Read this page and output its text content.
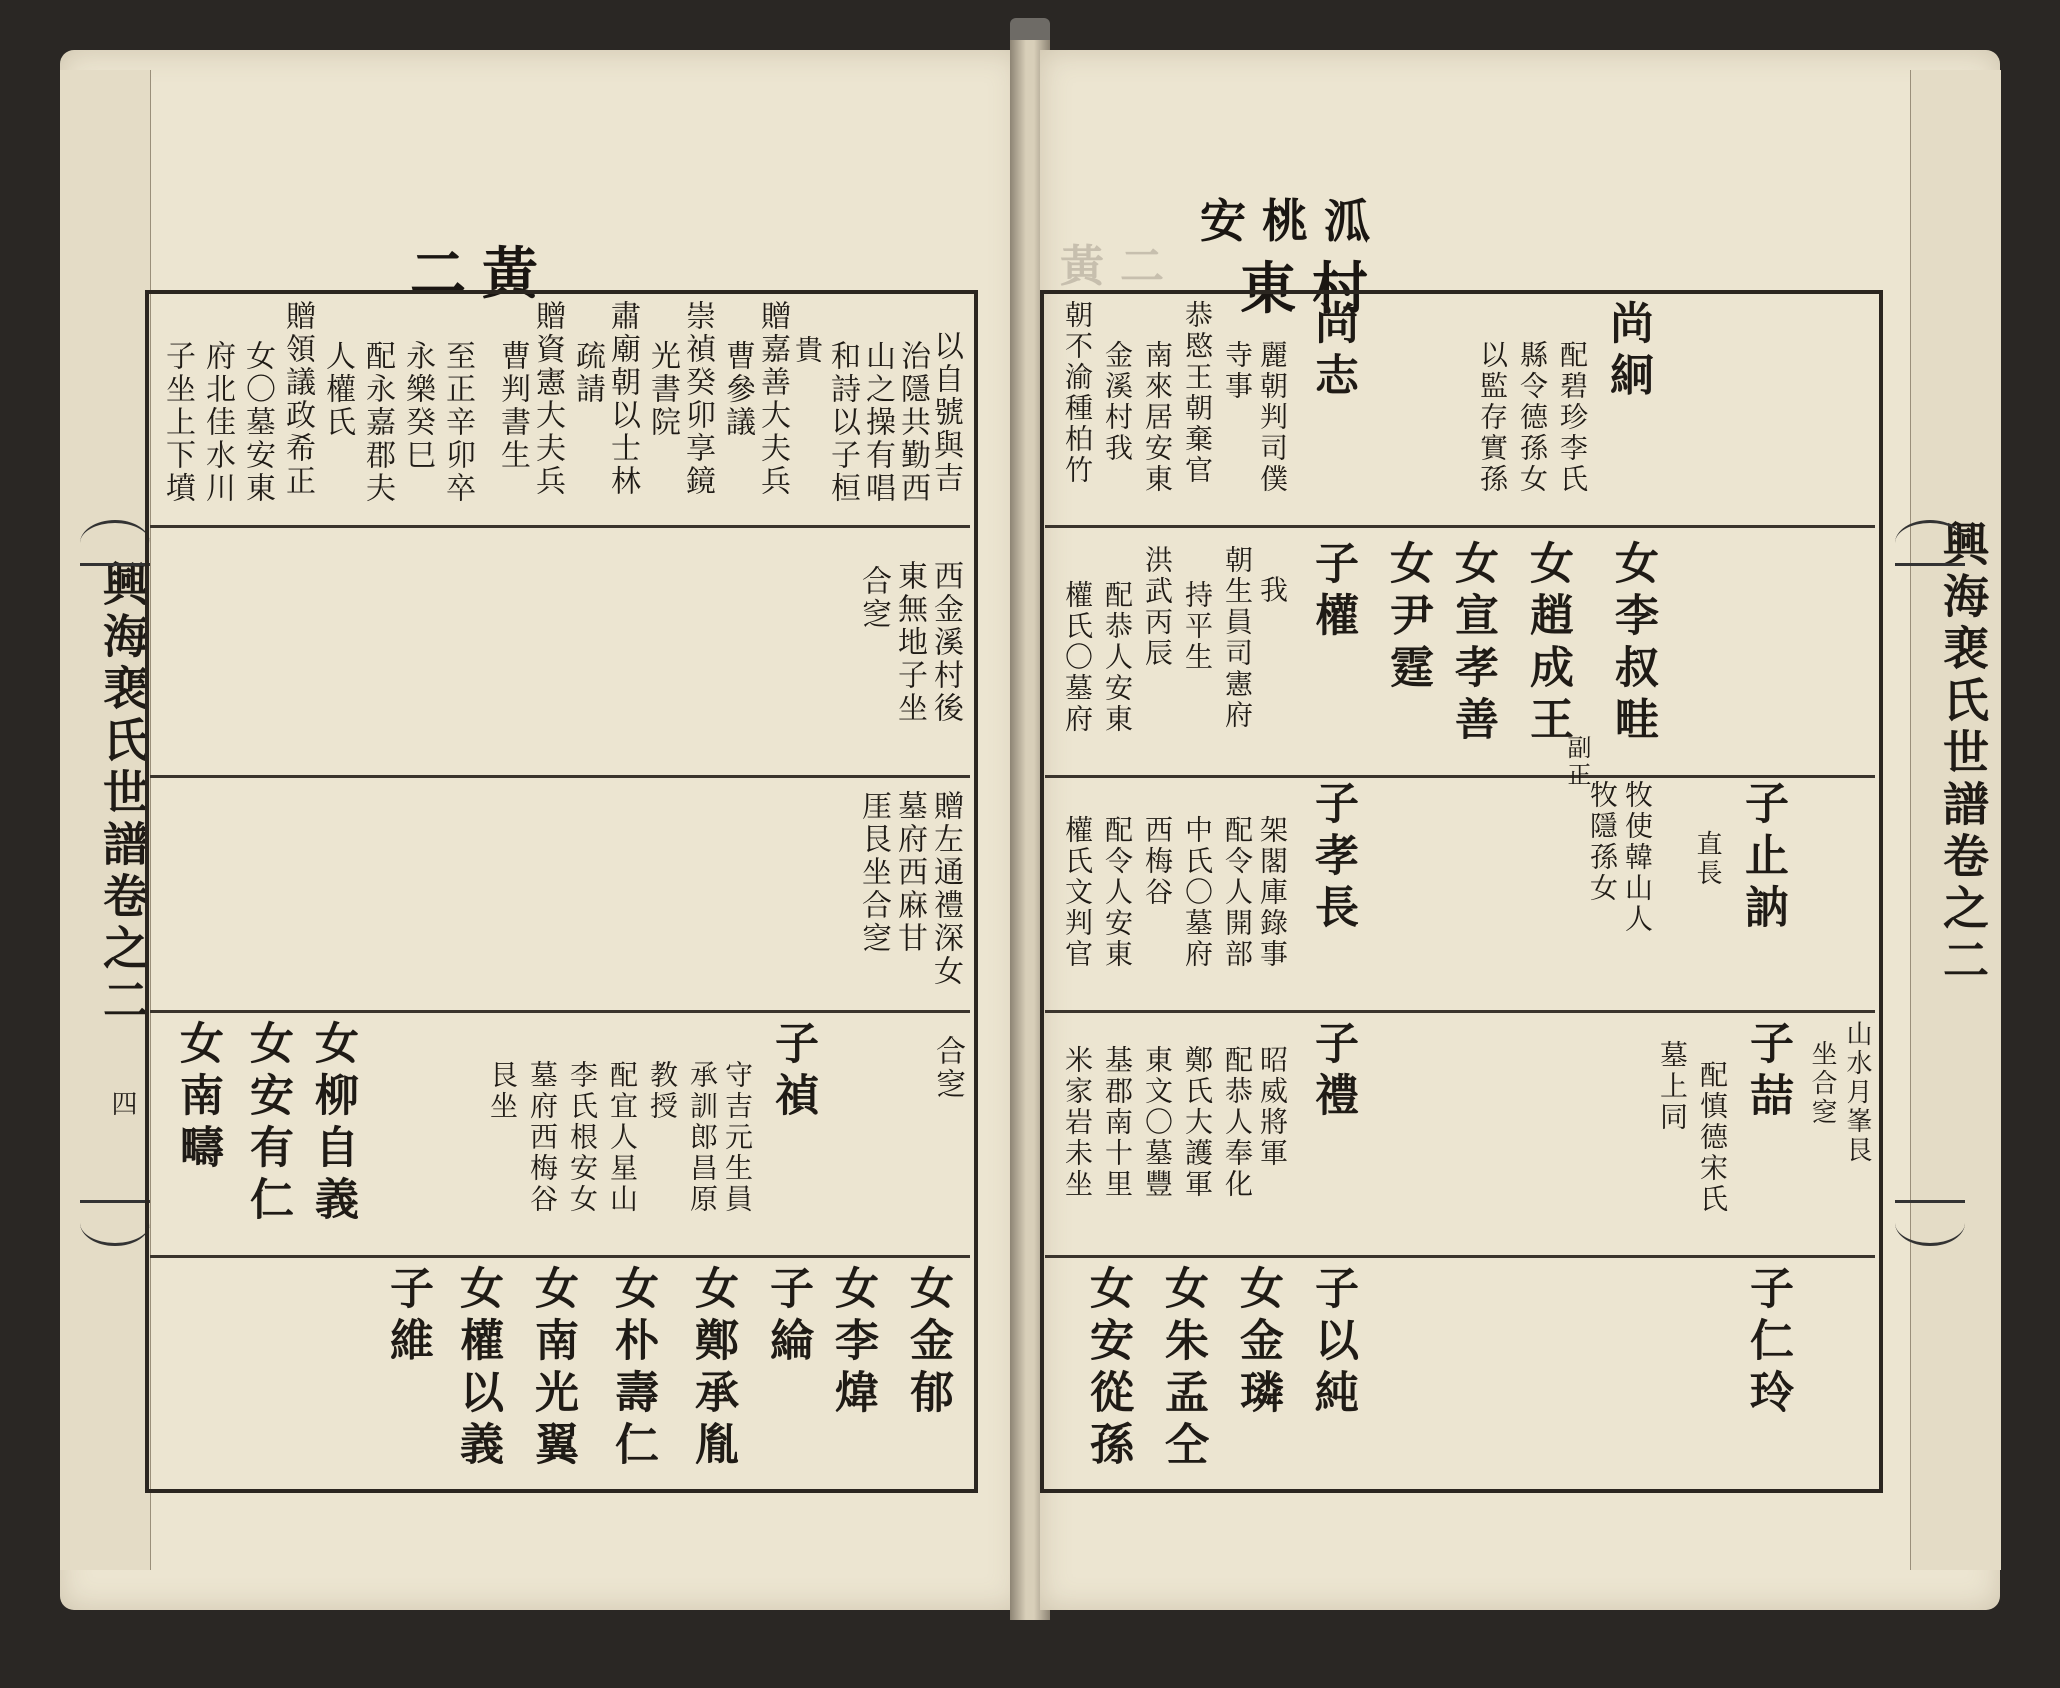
興海裵氏世譜卷之二
四
二黃
以自號與吉
治隱共勤西
山之操有唱
和詩以子桓
貴
贈嘉善大夫兵
曹參議
崇禎癸卯享鏡
光書院
肅廟朝以士林
疏請
贈資憲大夫兵
曹判書生
至正辛卯卒
永樂癸巳
配永嘉郡夫
人權氏
贈領議政希正
女〇墓安東
府北佳水川
子坐上下墳
西金溪村後
東無地子坐
合窆
贈左通禮深女
墓府西麻甘
厓艮坐合窆
合窆
子禎
守吉元生員
承訓郎昌原
教授
配宜人星山
李氏根安女
墓府西梅谷
艮坐
女柳自義
女安有仁
女南疇
女金郁
女李煒
子綸
女鄭承胤
女朴壽仁
女南光翼
女權以義
子維
興海裵氏世譜卷之二
東村
安桃泒
黃二
尚絅
配碧珍李氏
縣令德孫女
以監存實孫
尚志
麗朝判司僕
寺事
恭愍王朝棄官
南來居安東
金溪村我
朝不渝種柏竹
女李叔畦
副正
女趙成王
女宣孝善
女尹霆
子權
我
朝生員司憲府
持平生
洪武丙辰
配恭人安東
權氏〇墓府
子止訥
直長
牧使韓山人
牧隱孫女
子孝長
架閣庫錄事
配令人開部
中氏〇墓府
西梅谷
配令人安東
權氏文判官
山水月峯艮
坐合窆
子喆
配慎德宋氏
墓上同
子禮
昭威將軍
配恭人奉化
鄭氏大護軍
東文〇墓豐
基郡南十里
米家岩未坐
子仁玲
子以純
女金璘
女朱孟仝
女安從孫
